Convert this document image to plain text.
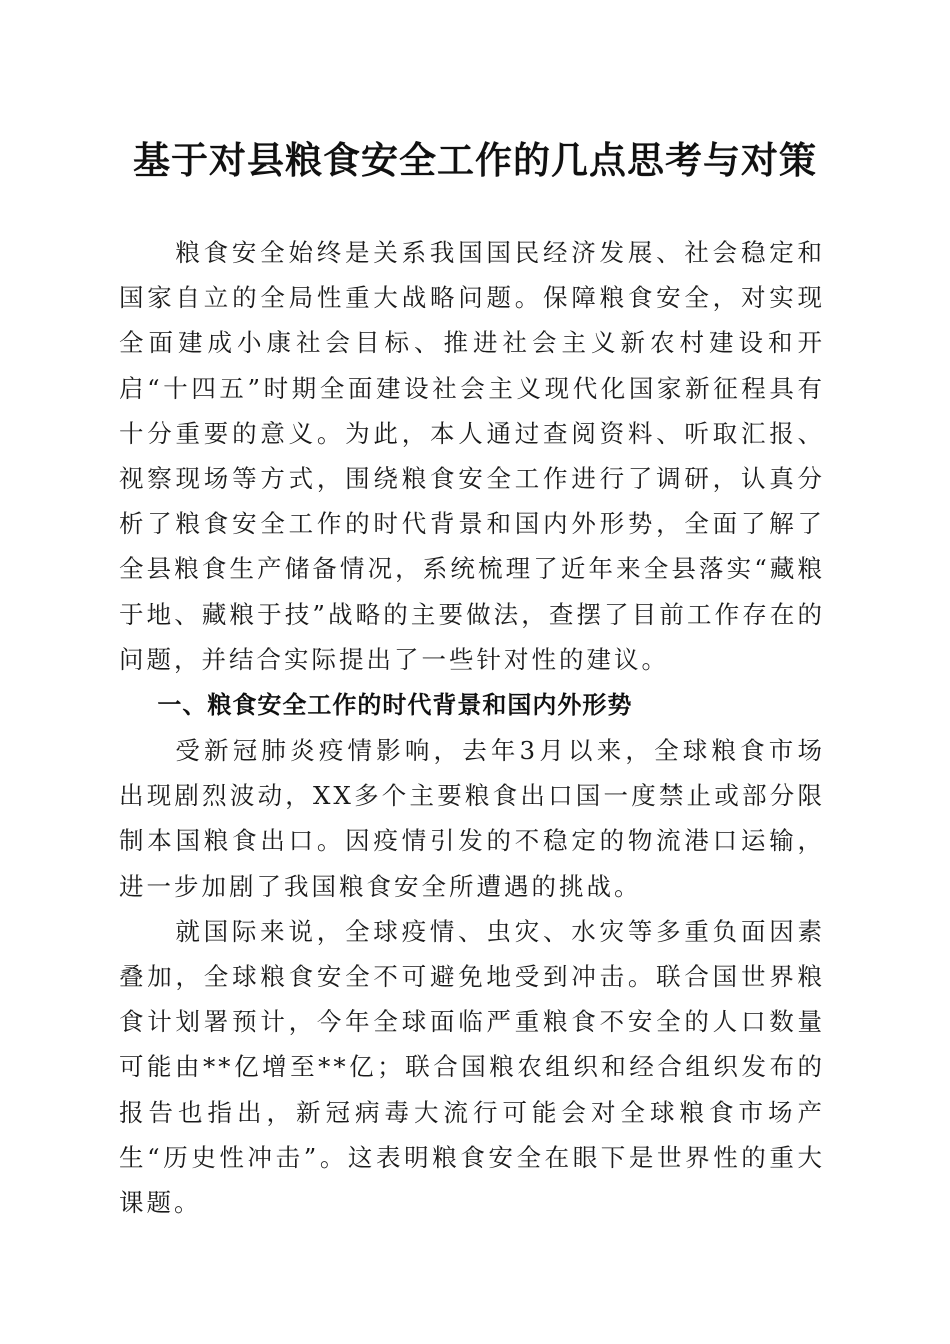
基于对县粮食安全工作的几点思考与对策

粮食安全始终是关系我国国民经济发展、社会稳定和国家自立的全局性重大战略问题。保障粮食安全，对实现全面建成小康社会目标、推进社会主义新农村建设和开启“十四五”时期全面建设社会主义现代化国家新征程具有十分重要的意义。为此，本人通过查阅资料、听取汇报、视察现场等方式，围绕粮食安全工作进行了调研，认真分析了粮食安全工作的时代背景和国内外形势，全面了解了全县粮食生产储备情况，系统梳理了近年来全县落实“藏粮于地、藏粮于技”战略的主要做法，查摆了目前工作存在的问题，并结合实际提出了一些针对性的建议。

一、粮食安全工作的时代背景和国内外形势

受新冠肺炎疫情影响，去年3月以来，全球粮食市场出现剧烈波动，XX多个主要粮食出口国一度禁止或部分限制本国粮食出口。因疫情引发的不稳定的物流港口运输，进一步加剧了我国粮食安全所遭遇的挑战。

就国际来说，全球疫情、虫灾、水灾等多重负面因素叠加，全球粮食安全不可避免地受到冲击。联合国世界粮食计划署预计，今年全球面临严重粮食不安全的人口数量可能由**亿增至**亿；联合国粮农组织和经合组织发布的报告也指出，新冠病毒大流行可能会对全球粮食市场产生“历史性冲击”。这表明粮食安全在眼下是世界性的重大课题。
